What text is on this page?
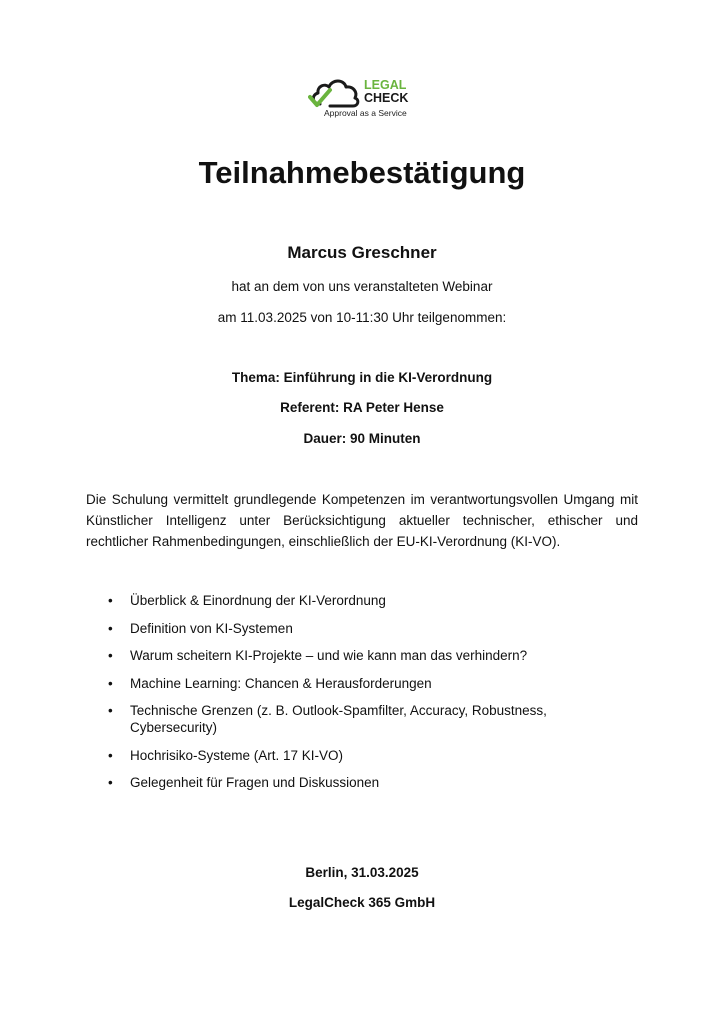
LEGAL
CHECK
Approval as a Service
Teilnahmebestätigung
Marcus Greschner
hat an dem von uns veranstalteten Webinar
am 11.03.2025 von 10-11:30 Uhr teilgenommen:
Thema: Einführung in die KI-Verordnung
Referent: RA Peter Hense
Dauer: 90 Minuten

Die Schulung vermittelt grundlegende Kompetenzen im verantwortungsvollen Umgang mit Künstlicher Intelligenz unter Berücksichtigung aktueller technischer, ethischer und rechtlicher Rahmenbedingungen, einschließlich der EU-KI-Verordnung (KI-VO).

• Überblick & Einordnung der KI-Verordnung
• Definition von KI-Systemen
• Warum scheitern KI-Projekte – und wie kann man das verhindern?
• Machine Learning: Chancen & Herausforderungen
• Technische Grenzen (z. B. Outlook-Spamfilter, Accuracy, Robustness, Cybersecurity)
• Hochrisiko-Systeme (Art. 17 KI-VO)
• Gelegenheit für Fragen und Diskussionen
Berlin, 31.03.2025
LegalCheck 365 GmbH
